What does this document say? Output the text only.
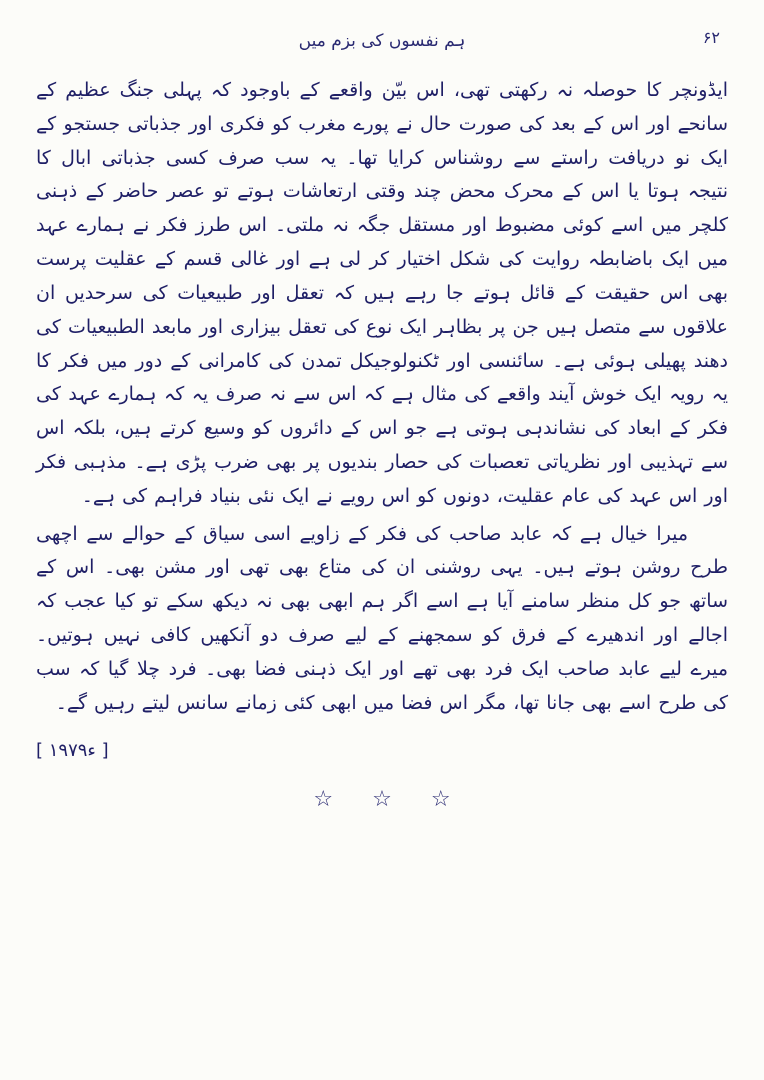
۶۲
ہم نفسوں کی بزم میں

ایڈونچر کا حوصلہ نہ رکھتی تھی، اس بیّن واقعے کے باوجود کہ پہلی جنگ عظیم کے سانحے اور اس کے بعد کی صورت حال نے پورے مغرب کو فکری اور جذباتی جستجو کے ایک نو دریافت راستے سے روشناس کرایا تھا۔ یہ سب صرف کسی جذباتی ابال کا نتیجہ ہوتا یا اس کے محرک محض چند وقتی ارتعاشات ہوتے تو عصر حاضر کے ذہنی کلچر میں اسے کوئی مضبوط اور مستقل جگہ نہ ملتی۔ اس طرز فکر نے ہمارے عہد میں ایک باضابطہ روایت کی شکل اختیار کر لی ہے اور غالی قسم کے عقلیت پرست بھی اس حقیقت کے قائل ہوتے جا رہے ہیں کہ تعقل اور طبیعیات کی سرحدیں ان علاقوں سے متصل ہیں جن پر بظاہر ایک نوع کی تعقل بیزاری اور مابعد الطبیعیات کی دھند پھیلی ہوئی ہے۔ سائنسی اور ٹکنولوجیکل تمدن کی کامرانی کے دور میں فکر کا یہ رویہ ایک خوش آیند واقعے کی مثال ہے کہ اس سے نہ صرف یہ کہ ہمارے عہد کی فکر کے ابعاد کی نشاندہی ہوتی ہے جو اس کے دائروں کو وسیع کرتے ہیں، بلکہ اس سے تہذیبی اور نظریاتی تعصبات کی حصار بندیوں پر بھی ضرب پڑی ہے۔ مذہبی فکر اور اس عہد کی عام عقلیت، دونوں کو اس رویے نے ایک نئی بنیاد فراہم کی ہے۔

میرا خیال ہے کہ عابد صاحب کی فکر کے زاویے اسی سیاق کے حوالے سے اچھی طرح روشن ہوتے ہیں۔ یہی روشنی ان کی متاع بھی تھی اور مشن بھی۔ اس کے ساتھ جو کل منظر سامنے آیا ہے اسے اگر ہم ابھی بھی نہ دیکھ سکے تو کیا عجب کہ اجالے اور اندھیرے کے فرق کو سمجھنے کے لیے صرف دو آنکھیں کافی نہیں ہوتیں۔ میرے لیے عابد صاحب ایک فرد بھی تھے اور ایک ذہنی فضا بھی۔ فرد چلا گیا کہ سب کی طرح اسے بھی جانا تھا، مگر اس فضا میں ابھی کئی زمانے سانس لیتے رہیں گے۔

[ ۱۹۷۹ء ]
☆ ☆ ☆
